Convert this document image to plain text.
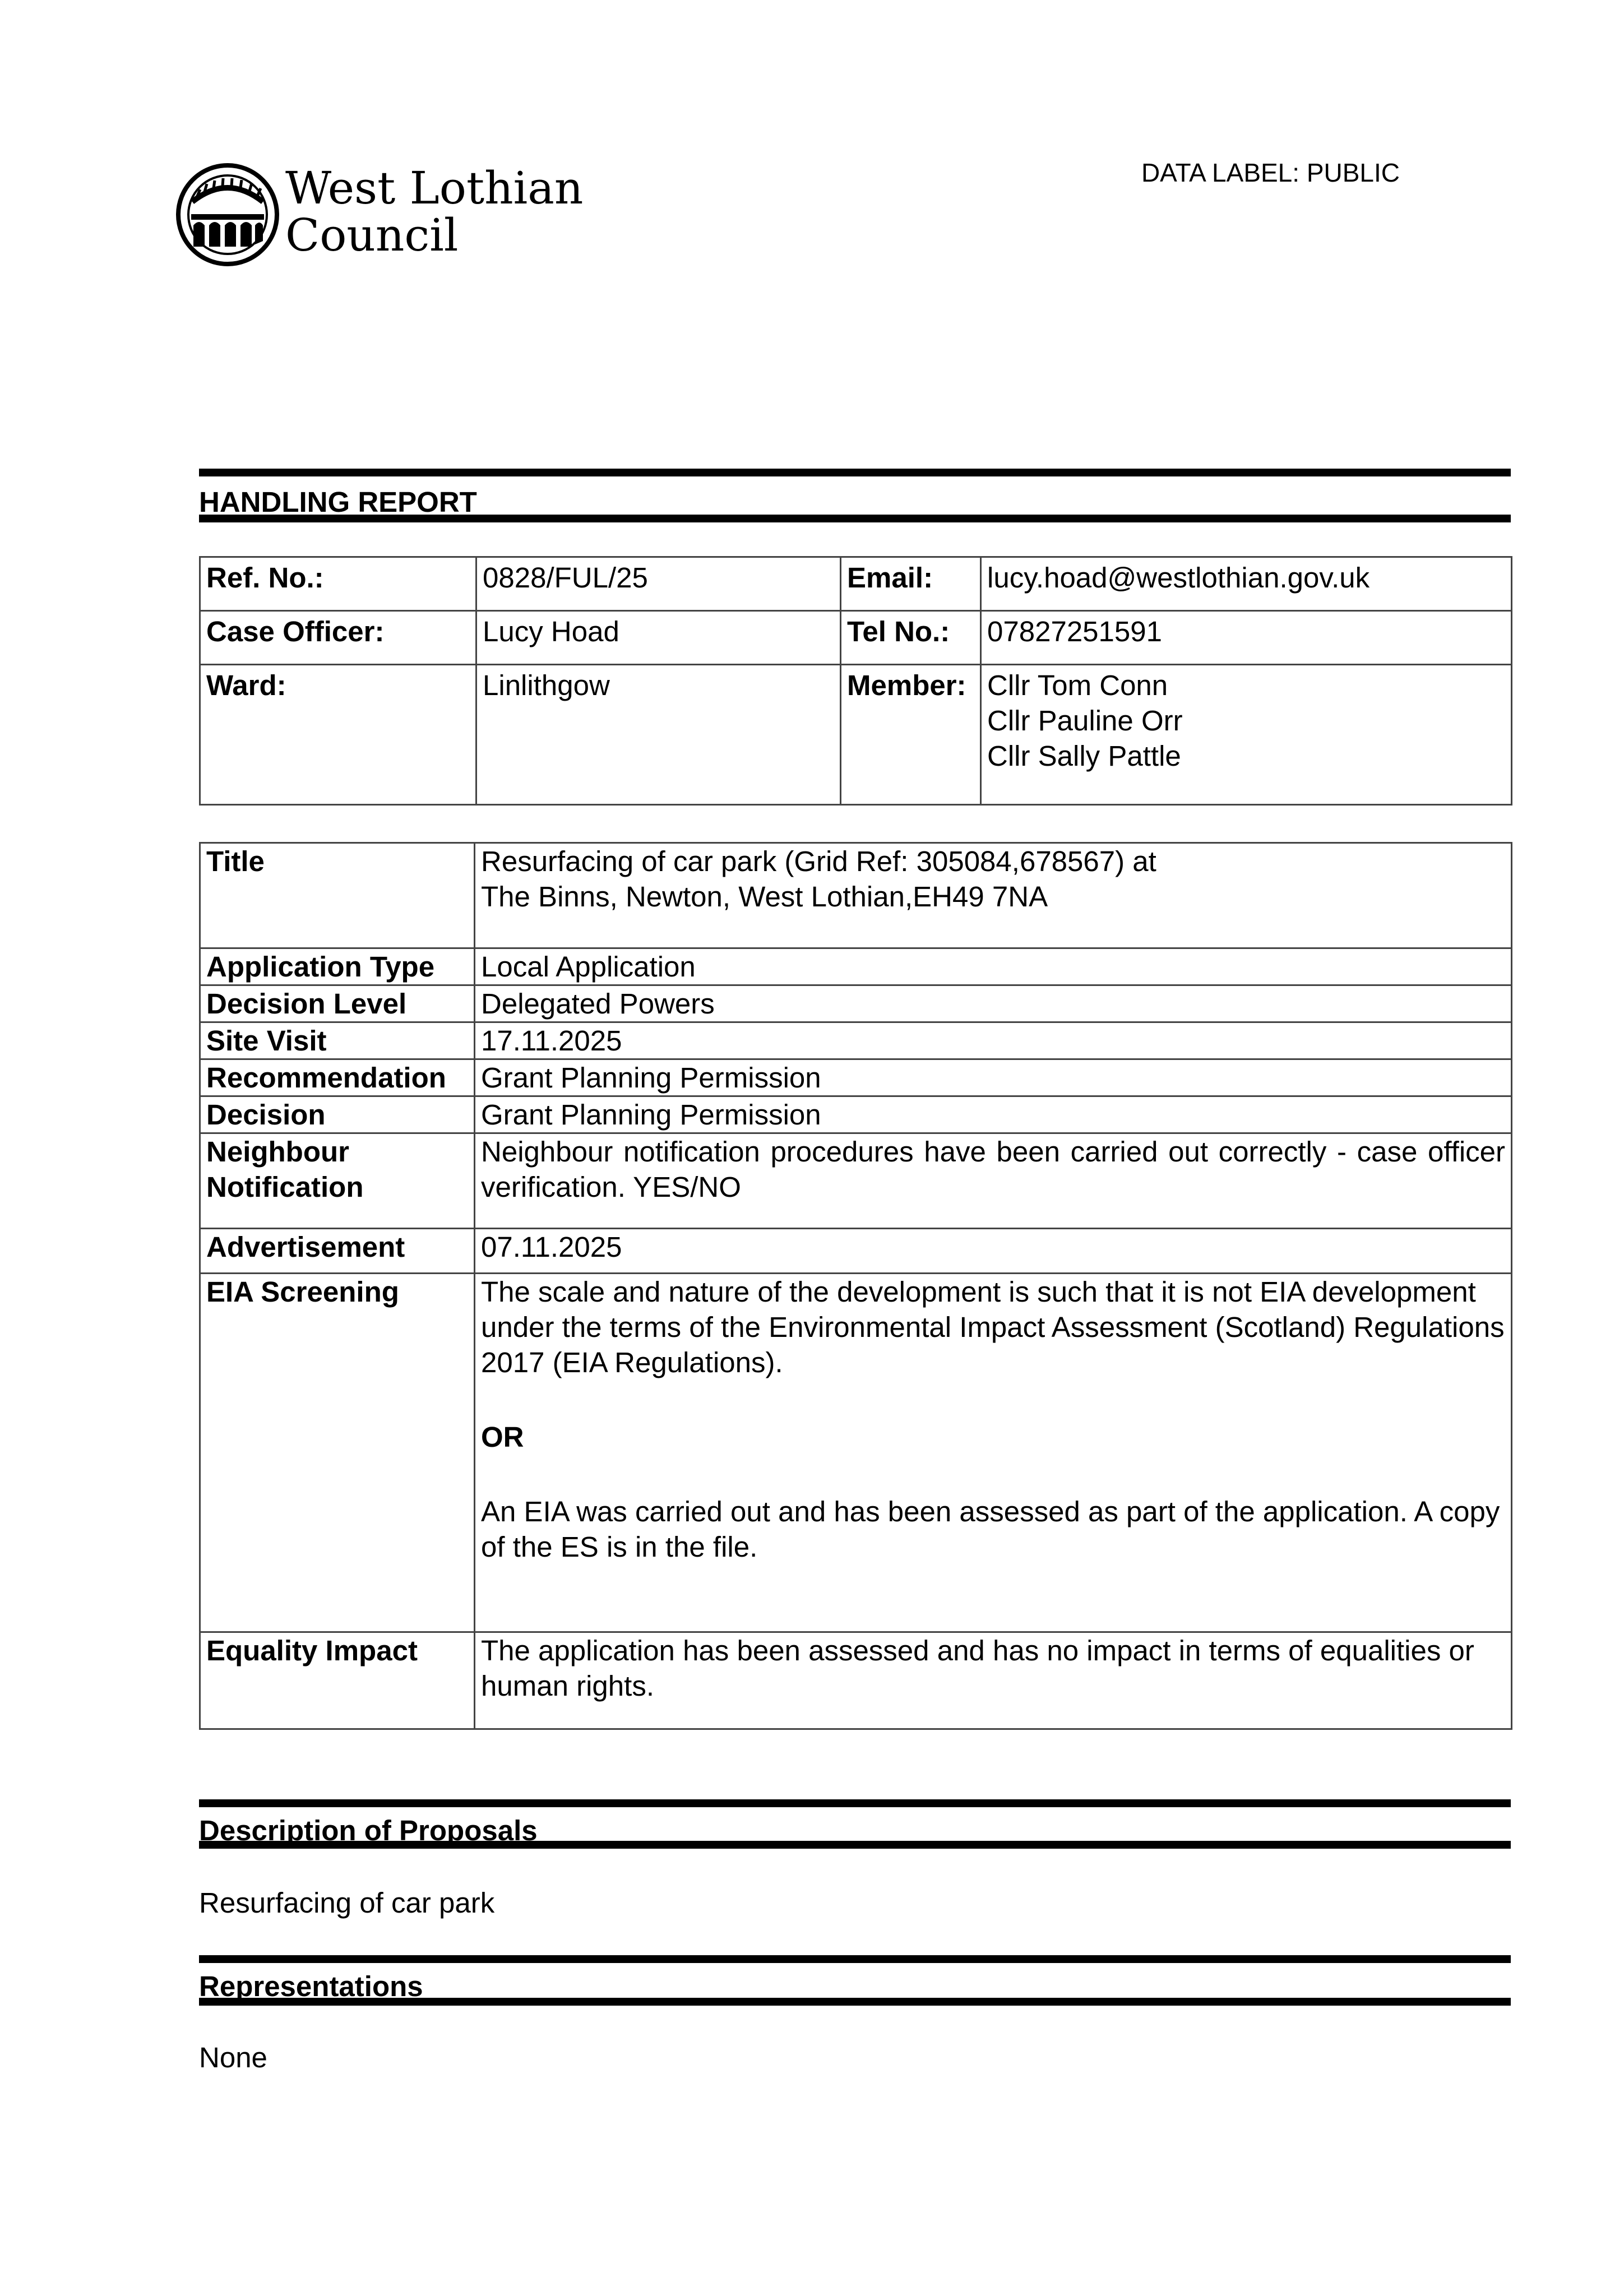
West Lothian
Council
DATA LABEL: PUBLIC
HANDLING REPORT
Ref. No.:	0828/FUL/25	Email:	lucy.hoad@westlothian.gov.uk
Case Officer:	Lucy Hoad	Tel No.:	07827251591
Ward:	Linlithgow	Member:	Cllr Tom Conn
Cllr Pauline Orr
Cllr Sally Pattle
Title	Resurfacing of car park (Grid Ref: 305084,678567) at
The Binns, Newton, West Lothian,EH49 7NA

Application Type	Local Application
Decision Level	Delegated Powers
Site Visit	17.11.2025
Recommendation	Grant Planning Permission
Decision	Grant Planning Permission

Neighbour
Notification	Neighbour notification procedures have been carried out correctly - case officer verification. YES/NO
Advertisement	07.11.2025
EIA Screening	The scale and nature of the development is such that it is not EIA development under the terms of the Environmental Impact Assessment (Scotland) Regulations 2017 (EIA Regulations).
OR
An EIA was carried out and has been assessed as part of the application. A copy of the ES is in the file.

Equality Impact	The application has been assessed and has no impact in terms of equalities or human rights.
Description of Proposals
Resurfacing of car park
Representations
None
